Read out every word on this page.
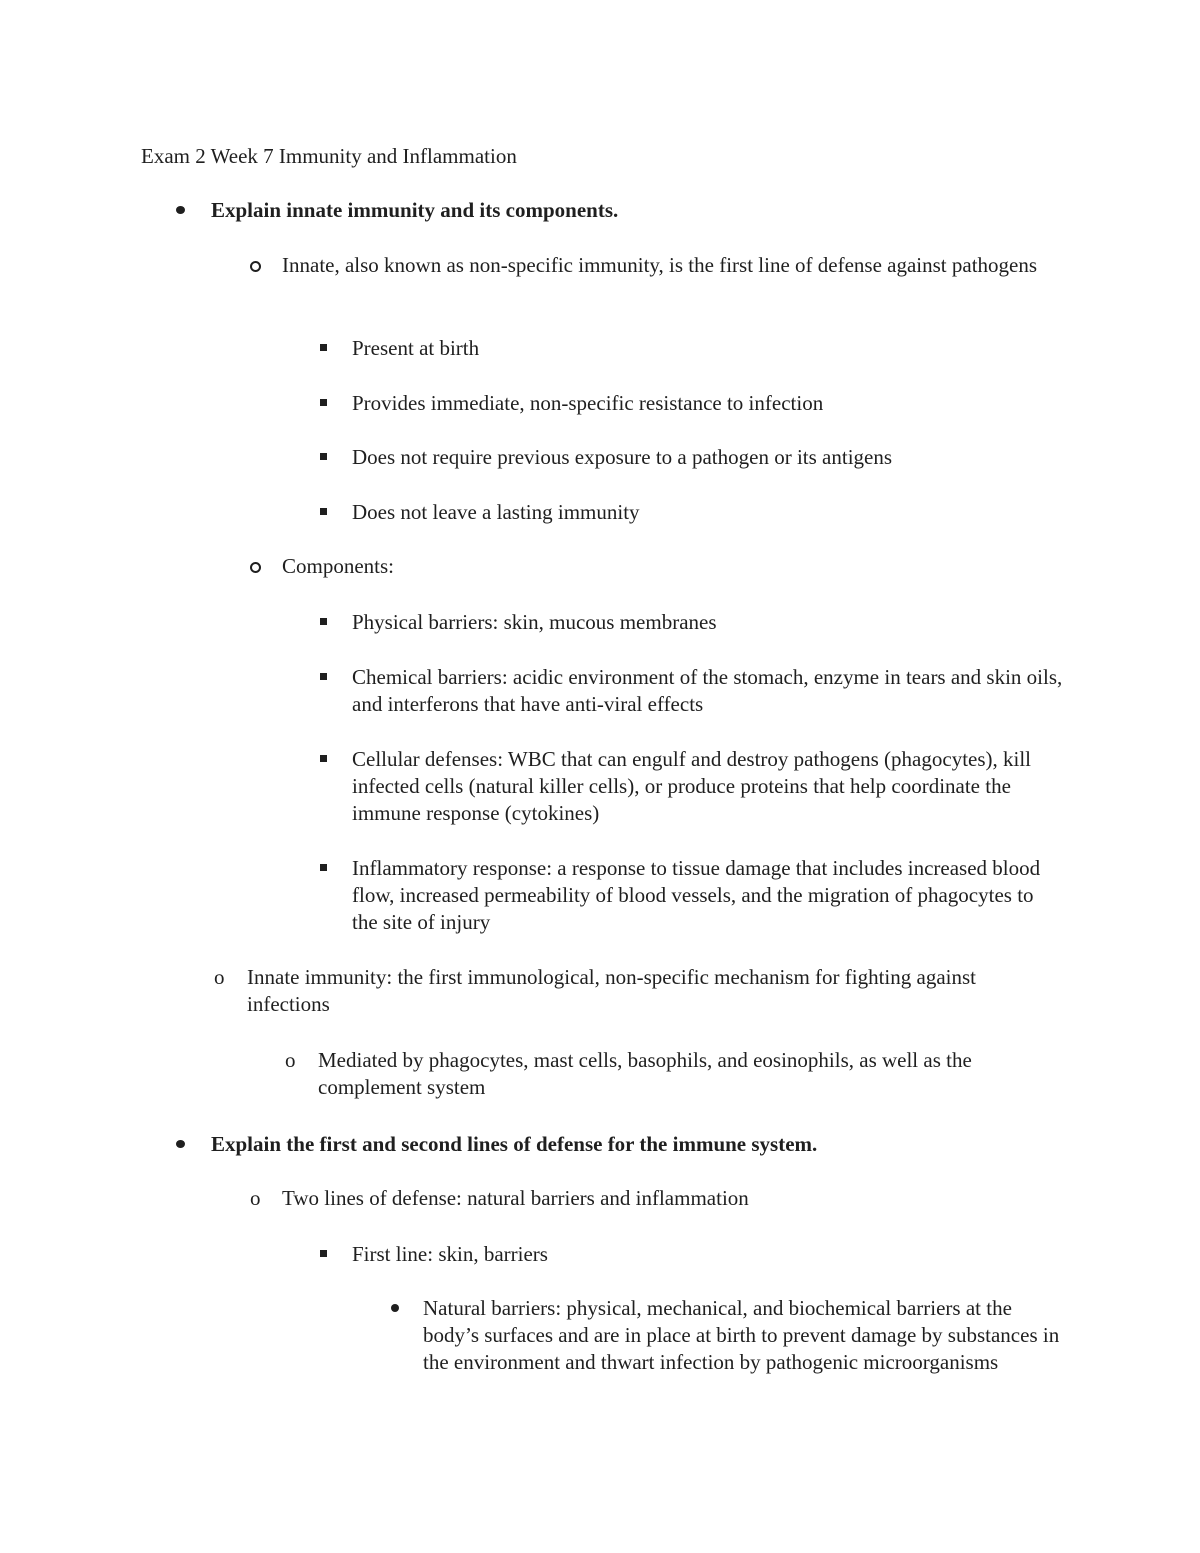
Exam 2 Week 7 Immunity and Inflammation
Explain innate immunity and its components.
Innate, also known as non-specific immunity, is the first line of defense against pathogens
Present at birth
Provides immediate, non-specific resistance to infection
Does not require previous exposure to a pathogen or its antigens
Does not leave a lasting immunity
Components:
Physical barriers: skin, mucous membranes
Chemical barriers: acidic environment of the stomach, enzyme in tears and skin oils, and interferons that have anti-viral effects
Cellular defenses: WBC that can engulf and destroy pathogens (phagocytes), kill infected cells (natural killer cells), or produce proteins that help coordinate the immune response (cytokines)
Inflammatory response: a response to tissue damage that includes increased blood flow, increased permeability of blood vessels, and the migration of phagocytes to the site of injury
o Innate immunity: the first immunological, non-specific mechanism for fighting against infections
o Mediated by phagocytes, mast cells, basophils, and eosinophils, as well as the complement system
Explain the first and second lines of defense for the immune system.
o Two lines of defense: natural barriers and inflammation
First line: skin, barriers
Natural barriers: physical, mechanical, and biochemical barriers at the body’s surfaces and are in place at birth to prevent damage by substances in the environment and thwart infection by pathogenic microorganisms
